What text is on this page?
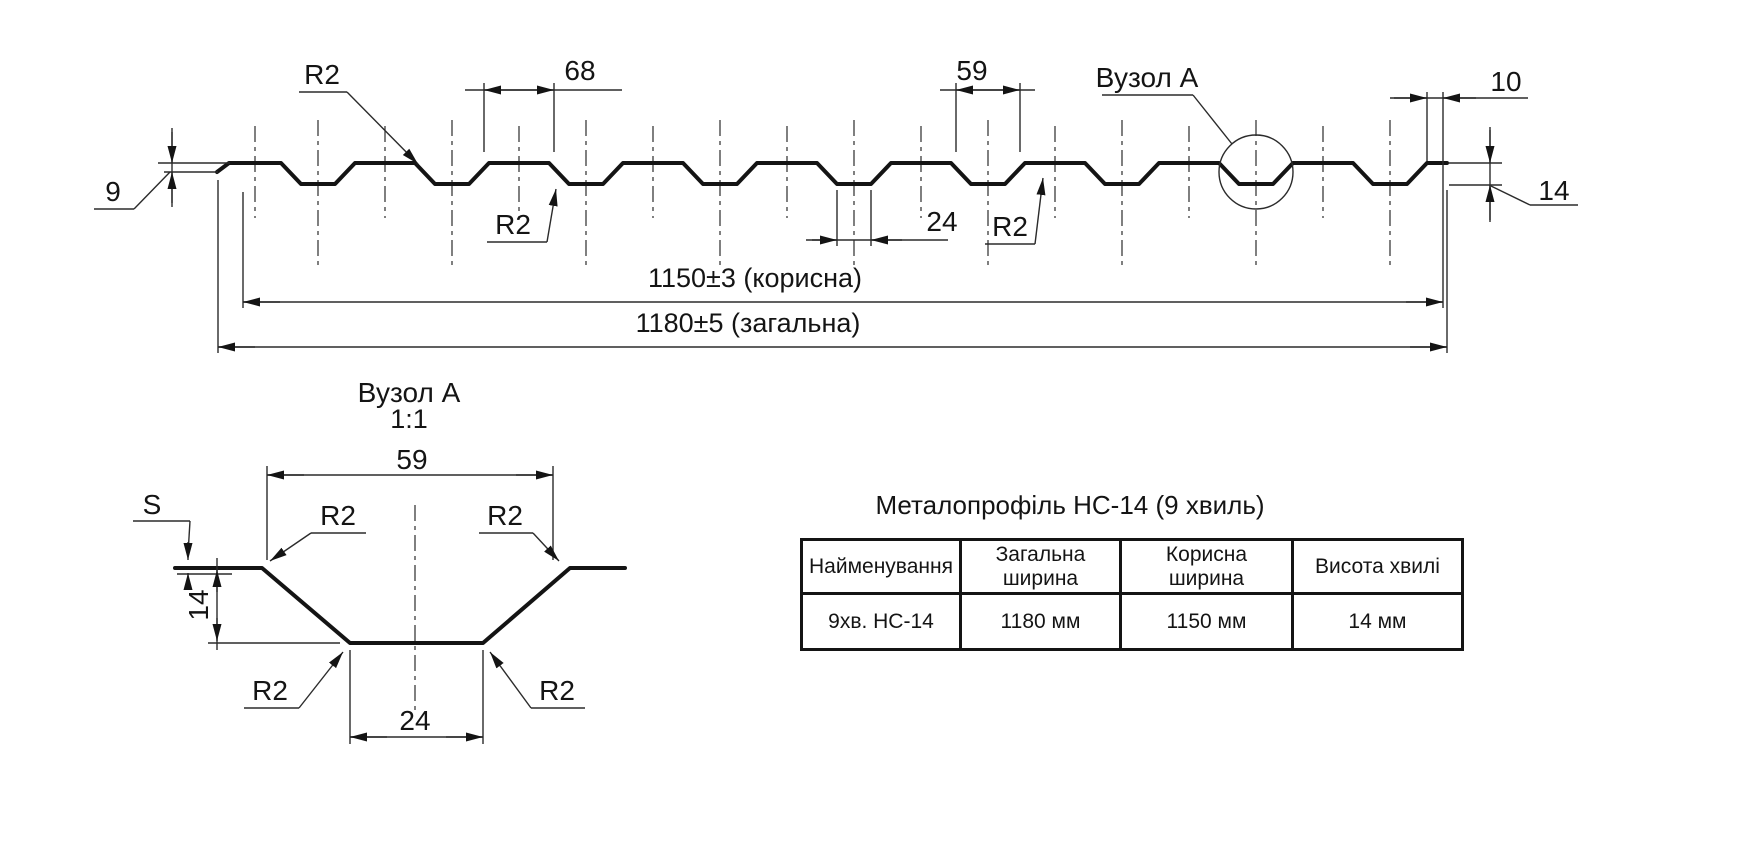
Вузол А
9
R2	68	59	10
14
24
R2	R2
1150±3 (корисна)
1180±5 (загальна)
Вузол А
1:1
59
S	R2	R2
R2	R2
14
24
Металопрофіль НС-14 (9 хвиль)
Найменування	Загальна ширина	Корисна ширина	Висота хвилі
9хв. НС-14	1180 мм	1150 мм	14 мм
